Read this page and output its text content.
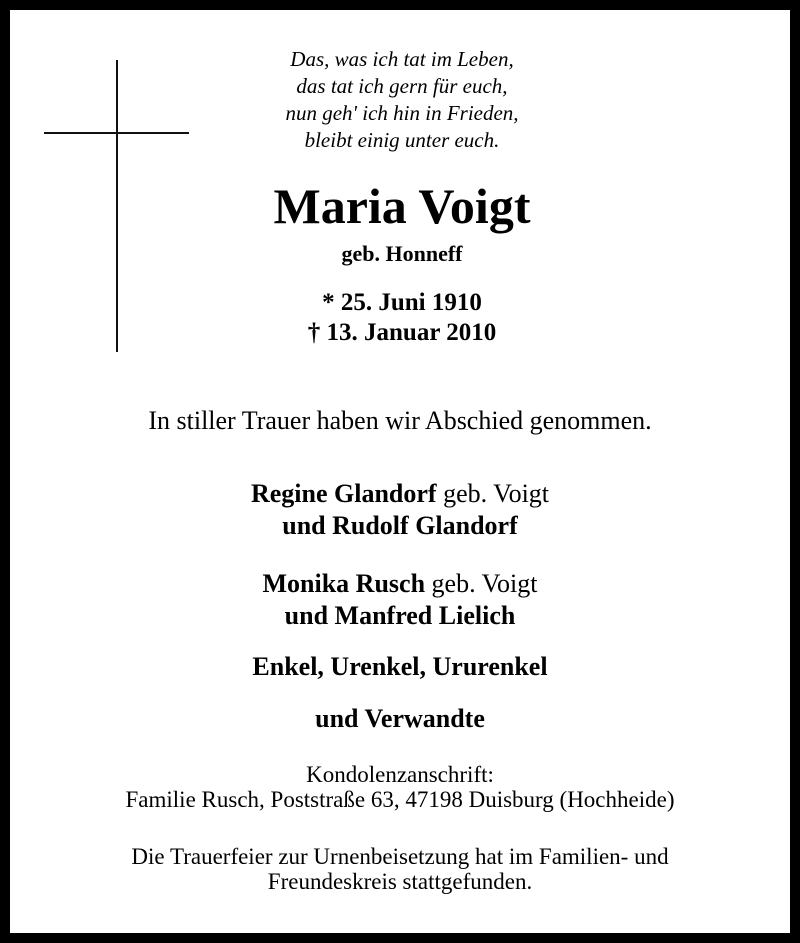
Das, was ich tat im Leben,
das tat ich gern für euch,
nun geh' ich hin in Frieden,
bleibt einig unter euch.
Maria Voigt
geb. Honneff
* 25. Juni 1910
† 13. Januar 2010
In stiller Trauer haben wir Abschied genommen.
Regine Glandorf geb. Voigt
und Rudolf Glandorf
Monika Rusch geb. Voigt
und Manfred Lielich
Enkel, Urenkel, Ururenkel
und Verwandte
Kondolenzanschrift:
Familie Rusch, Poststraße 63, 47198 Duisburg (Hochheide)
Die Trauerfeier zur Urnenbeisetzung hat im Familien- und
Freundeskreis stattgefunden.
